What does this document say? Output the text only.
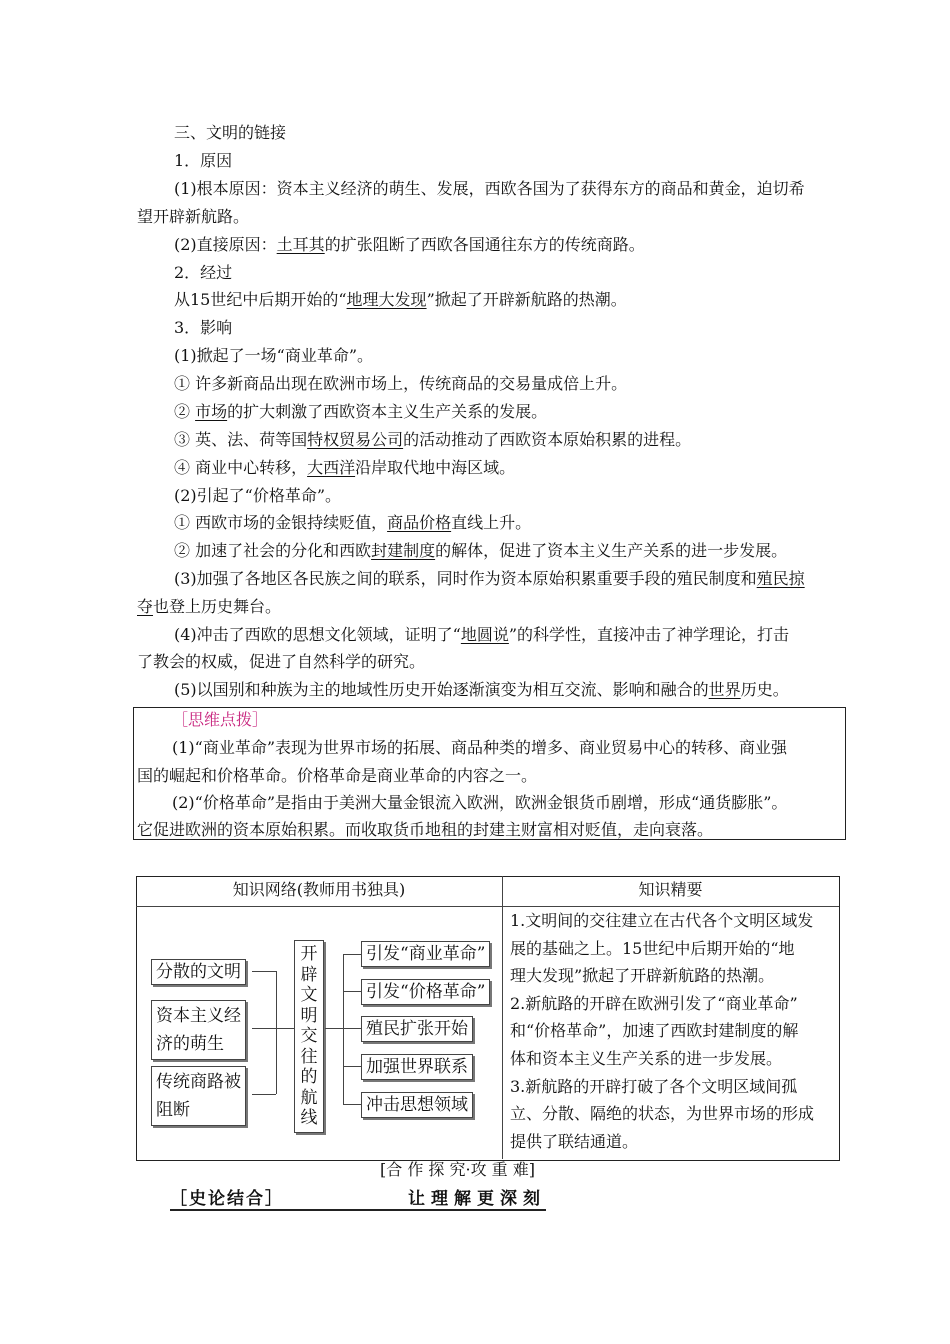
三、文明的链接
1．原因
(1)根本原因：资本主义经济的萌生、发展，西欧各国为了获得东方的商品和黄金，迫切希
望开辟新航路。
(2)直接原因：土耳其的扩张阻断了西欧各国通往东方的传统商路。
2．经过
从15世纪中后期开始的“地理大发现”掀起了开辟新航路的热潮。
3．影响
(1)掀起了一场“商业革命”。
① 许多新商品出现在欧洲市场上，传统商品的交易量成倍上升。
② 市场的扩大刺激了西欧资本主义生产关系的发展。
③ 英、法、荷等国特权贸易公司的活动推动了西欧资本原始积累的进程。
④ 商业中心转移，大西洋沿岸取代地中海区域。
(2)引起了“价格革命”。
① 西欧市场的金银持续贬值，商品价格直线上升。
② 加速了社会的分化和西欧封建制度的解体，促进了资本主义生产关系的进一步发展。
(3)加强了各地区各民族之间的联系，同时作为资本原始积累重要手段的殖民制度和殖民掠
夺也登上历史舞台。
(4)冲击了西欧的思想文化领域，证明了“地圆说”的科学性，直接冲击了神学理论，打击
了教会的权威，促进了自然科学的研究。
(5)以国别和种族为主的地域性历史开始逐渐演变为相互交流、影响和融合的世界历史。
［思维点拨］
(1)“商业革命”表现为世界市场的拓展、商品种类的增多、商业贸易中心的转移、商业强
国的崛起和价格革命。价格革命是商业革命的内容之一。
(2)“价格革命”是指由于美洲大量金银流入欧洲，欧洲金银货币剧增，形成“通货膨胀”。
它促进欧洲的资本原始积累。而收取货币地租的封建主财富相对贬值，走向衰落。
知识网络(教师用书独具)	知识精要
分散的文明
资本主义经
济的萌生
传统商路被
阻断
开
辟
文
明
交
往
的
航
线
引发“商业革命”
引发“价格革命”
殖民扩张开始
加强世界联系
冲击思想领域
1.文明间的交往建立在古代各个文明区域发
展的基础之上。15世纪中后期开始的“地
理大发现”掀起了开辟新航路的热潮。
2.新航路的开辟在欧洲引发了“商业革命”
和“价格革命”，加速了西欧封建制度的解
体和资本主义生产关系的进一步发展。
3.新航路的开辟打破了各个文明区域间孤
立、分散、隔绝的状态，为世界市场的形成
提供了联结通道。
[合 作 探 究·攻 重 难]
［史论结合］	让理解更深刻
